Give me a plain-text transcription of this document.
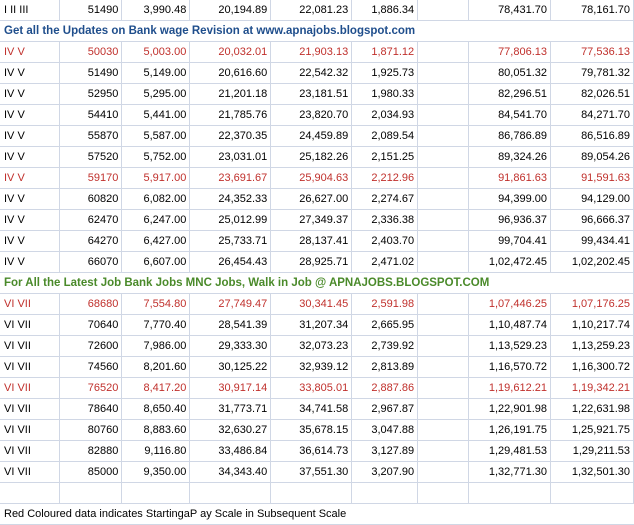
I II III	51490	3,990.48	20,194.89	22,081.23	1,886.34		78,431.70	78,161.70
Get all the Updates on Bank wage Revision at www.apnajobs.blogspot.com								
IV V	50030	5,003.00	20,032.01	21,903.13	1,871.12		77,806.13	77,536.13
IV V	51490	5,149.00	20,616.60	22,542.32	1,925.73		80,051.32	79,781.32
IV V	52950	5,295.00	21,201.18	23,181.51	1,980.33		82,296.51	82,026.51
IV V	54410	5,441.00	21,785.76	23,820.70	2,034.93		84,541.70	84,271.70
IV V	55870	5,587.00	22,370.35	24,459.89	2,089.54		86,786.89	86,516.89
IV V	57520	5,752.00	23,031.01	25,182.26	2,151.25		89,324.26	89,054.26
IV V	59170	5,917.00	23,691.67	25,904.63	2,212.96		91,861.63	91,591.63
IV V	60820	6,082.00	24,352.33	26,627.00	2,274.67		94,399.00	94,129.00
IV V	62470	6,247.00	25,012.99	27,349.37	2,336.38		96,936.37	96,666.37
IV V	64270	6,427.00	25,733.71	28,137.41	2,403.70		99,704.41	99,434.41
IV V	66070	6,607.00	26,454.43	28,925.71	2,471.02		1,02,472.45	1,02,202.45
For All the Latest Job Bank Jobs MNC Jobs, Walk in Job @ APNAJOBS.BLOGSPOT.COM								
VI VII	68680	7,554.80	27,749.47	30,341.45	2,591.98		1,07,446.25	1,07,176.25
VI VII	70640	7,770.40	28,541.39	31,207.34	2,665.95		1,10,487.74	1,10,217.74
VI VII	72600	7,986.00	29,333.30	32,073.23	2,739.92		1,13,529.23	1,13,259.23
VI VII	74560	8,201.60	30,125.22	32,939.12	2,813.89		1,16,570.72	1,16,300.72
VI VII	76520	8,417.20	30,917.14	33,805.01	2,887.86		1,19,612.21	1,19,342.21
VI VII	78640	8,650.40	31,773.71	34,741.58	2,967.87		1,22,901.98	1,22,631.98
VI VII	80760	8,883.60	32,630.27	35,678.15	3,047.88		1,26,191.75	1,25,921.75
VI VII	82880	9,116.80	33,486.84	36,614.73	3,127.89		1,29,481.53	1,29,211.53
VI VII	85000	9,350.00	34,343.40	37,551.30	3,207.90		1,32,771.30	1,32,501.30

Red Coloured data indicates StartingaP ay Scale in Subsequent Scale								
